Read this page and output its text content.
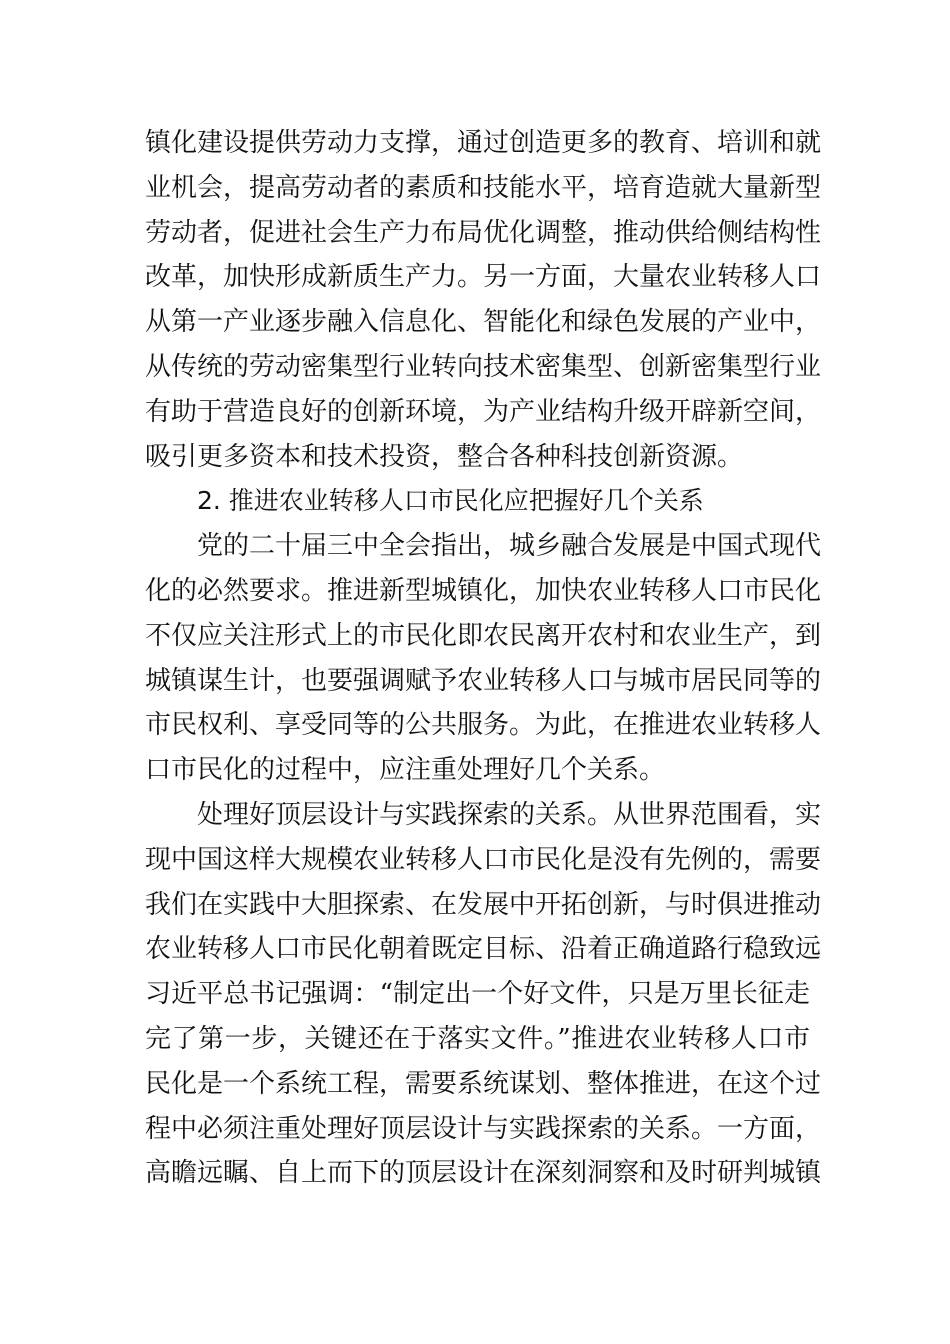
镇化建设提供劳动力支撑，通过创造更多的教育、培训和就
业机会，提高劳动者的素质和技能水平，培育造就大量新型
劳动者，促进社会生产力布局优化调整，推动供给侧结构性
改革，加快形成新质生产力。另一方面，大量农业转移人口
从第一产业逐步融入信息化、智能化和绿色发展的产业中，
从传统的劳动密集型行业转向技术密集型、创新密集型行业
有助于营造良好的创新环境，为产业结构升级开辟新空间，
吸引更多资本和技术投资，整合各种科技创新资源。
2. 推进农业转移人口市民化应把握好几个关系
党的二十届三中全会指出，城乡融合发展是中国式现代
化的必然要求。推进新型城镇化，加快农业转移人口市民化
不仅应关注形式上的市民化即农民离开农村和农业生产，到
城镇谋生计，也要强调赋予农业转移人口与城市居民同等的
市民权利、享受同等的公共服务。为此，在推进农业转移人
口市民化的过程中，应注重处理好几个关系。
处理好顶层设计与实践探索的关系。从世界范围看，实
现中国这样大规模农业转移人口市民化是没有先例的，需要
我们在实践中大胆探索、在发展中开拓创新，与时俱进推动
农业转移人口市民化朝着既定目标、沿着正确道路行稳致远
习近平总书记强调：“制定出一个好文件，只是万里长征走
完了第一步，关键还在于落实文件。”推进农业转移人口市
民化是一个系统工程，需要系统谋划、整体推进，在这个过
程中必须注重处理好顶层设计与实践探索的关系。一方面，
高瞻远瞩、自上而下的顶层设计在深刻洞察和及时研判城镇
